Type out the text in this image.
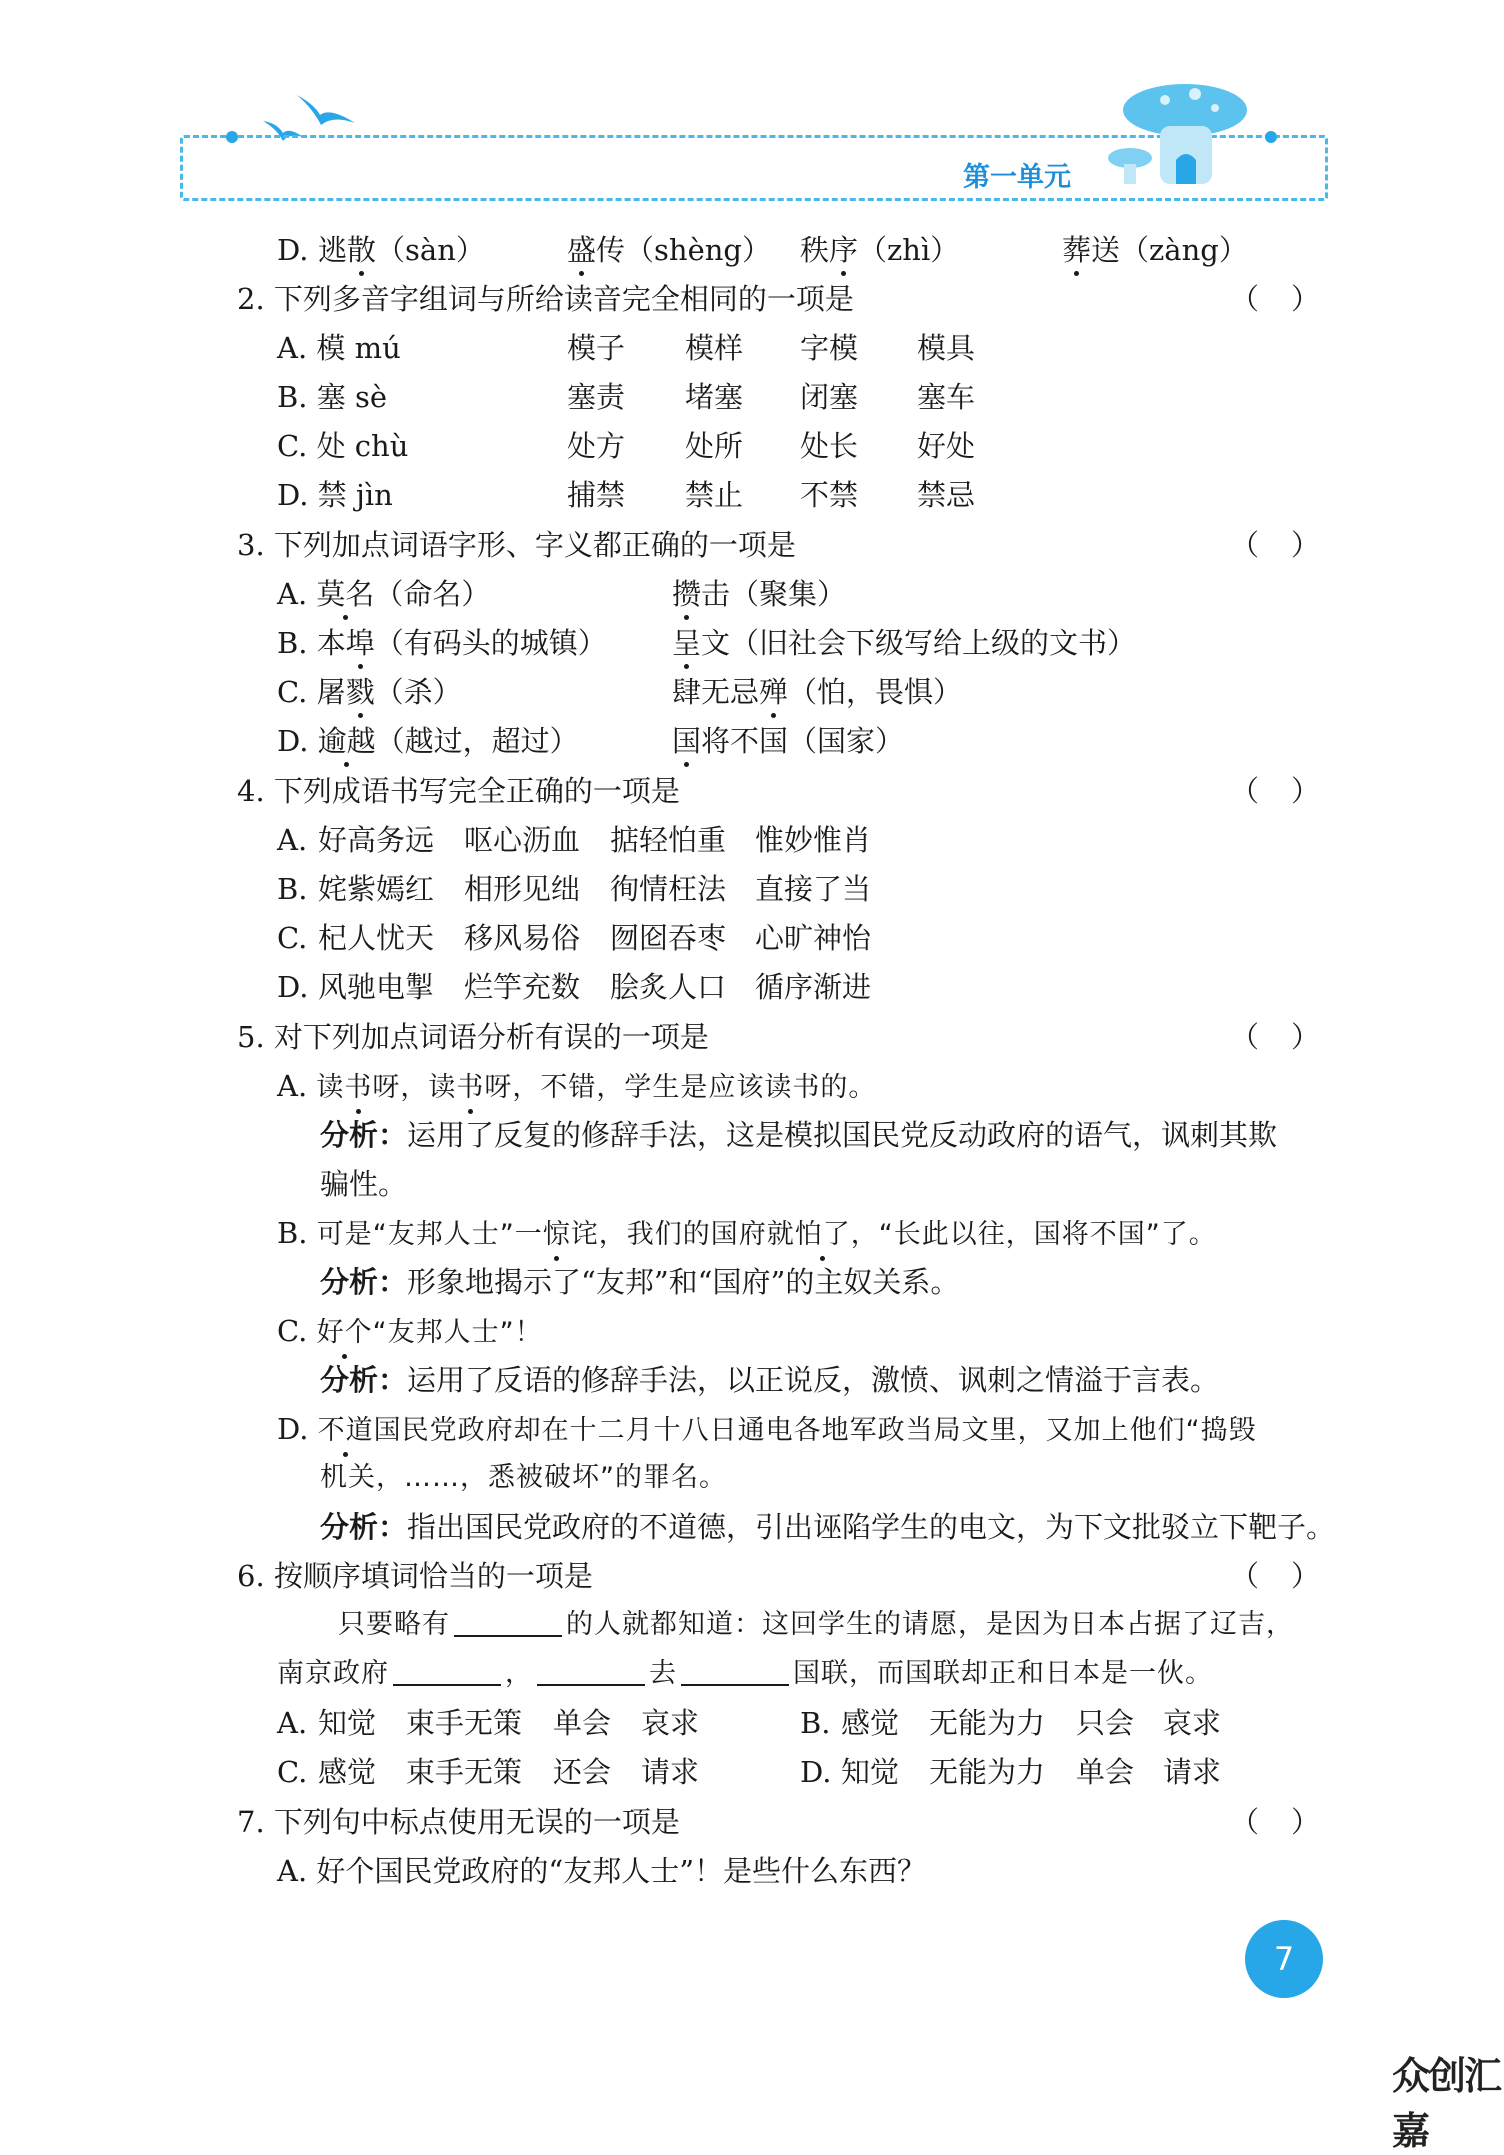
第一单元
D. 逃散（sàn）	盛传（shèng） 秩序（zhì）	葬送（zàng）
2. 下列多音字组词与所给读音完全相同的一项是	（ ）
A. 模 mú	模子 模样 字模 模具
B. 塞 sè	塞责 堵塞 闭塞 塞车
C. 处 chù	处方 处所 处长 好处
D. 禁 jìn	捕禁 禁止 不禁 禁忌
3. 下列加点词语字形、字义都正确的一项是	（ ）
A. 莫名（命名）	攒击（聚集）
B. 本埠（有码头的城镇） 呈文（旧社会下级写给上级的文书）
C. 屠戮（杀）	肆无忌殚（怕，畏惧）
D. 逾越（越过，超过）	国将不国（国家）
4. 下列成语书写完全正确的一项是	（ ）
A. 好高务远 呕心沥血 掂轻怕重 惟妙惟肖
B. 姹紫嫣红 相形见绌 徇情枉法 直接了当
C. 杞人忧天 移风易俗 囫囵吞枣 心旷神怡
D. 风驰电掣 烂竽充数 脍炙人口 循序渐进
5. 对下列加点词语分析有误的一项是	（ ）
A. 读书呀，读书呀，不错，学生是应该读书的。
分析：运用了反复的修辞手法，这是模拟国民党反动政府的语气，讽刺其欺
骗性。
B. 可是“友邦人士”一惊诧，我们的国府就怕了，“长此以往，国将不国”了。
分析：形象地揭示了“友邦”和“国府”的主奴关系。
C. 好个“友邦人士”！
分析：运用了反语的修辞手法，以正说反，激愤、讽刺之情溢于言表。
D. 不道国民党政府却在十二月十八日通电各地军政当局文里，又加上他们“捣毁
机关，……，悉被破坏”的罪名。
分析：指出国民党政府的不道德，引出诬陷学生的电文，为下文批驳立下靶子。
6. 按顺序填词恰当的一项是	（ ）
只要略有	的人就都知道：这回学生的请愿，是因为日本占据了辽吉，
南京政府	，	去	国联，而国联却正和日本是一伙。
A. 知觉 束手无策 单会 哀求	B. 感觉 无能为力 只会 哀求
C. 感觉 束手无策 还会 请求	D. 知觉 无能为力 单会 请求
7. 下列句中标点使用无误的一项是	（ ）
A. 好个国民党政府的“友邦人士”！是些什么东西？
7
众创汇嘉
